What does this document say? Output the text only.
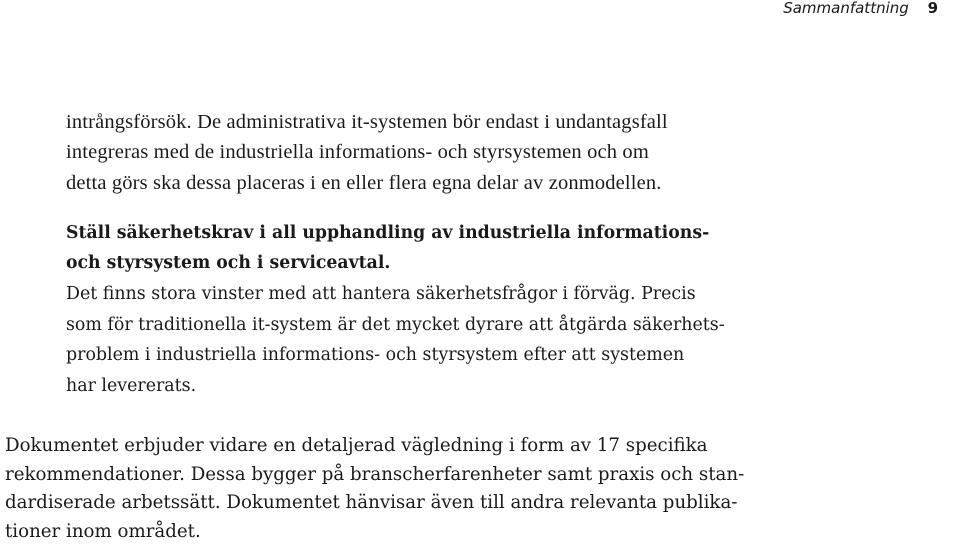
Sammanfattning 9

intrångsförsök. De administrativa it-systemen bör endast i undantagsfall
integreras med de industriella informations- och styrsystemen och om
detta görs ska dessa placeras i en eller flera egna delar av zonmodellen.

Ställ säkerhetskrav i all upphandling av industriella informations-
och styrsystem och i serviceavtal.

Det finns stora vinster med att hantera säkerhetsfrågor i förväg. Precis
som för traditionella it-system är det mycket dyrare att åtgärda säkerhets-
problem i industriella informations- och styrsystem efter att systemen
har levererats.

Dokumentet erbjuder vidare en detaljerad vägledning i form av 17 specifika
rekommendationer. Dessa bygger på branscherfarenheter samt praxis och stan-
dardiserade arbetssätt. Dokumentet hänvisar även till andra relevanta publika-
tioner inom området.
